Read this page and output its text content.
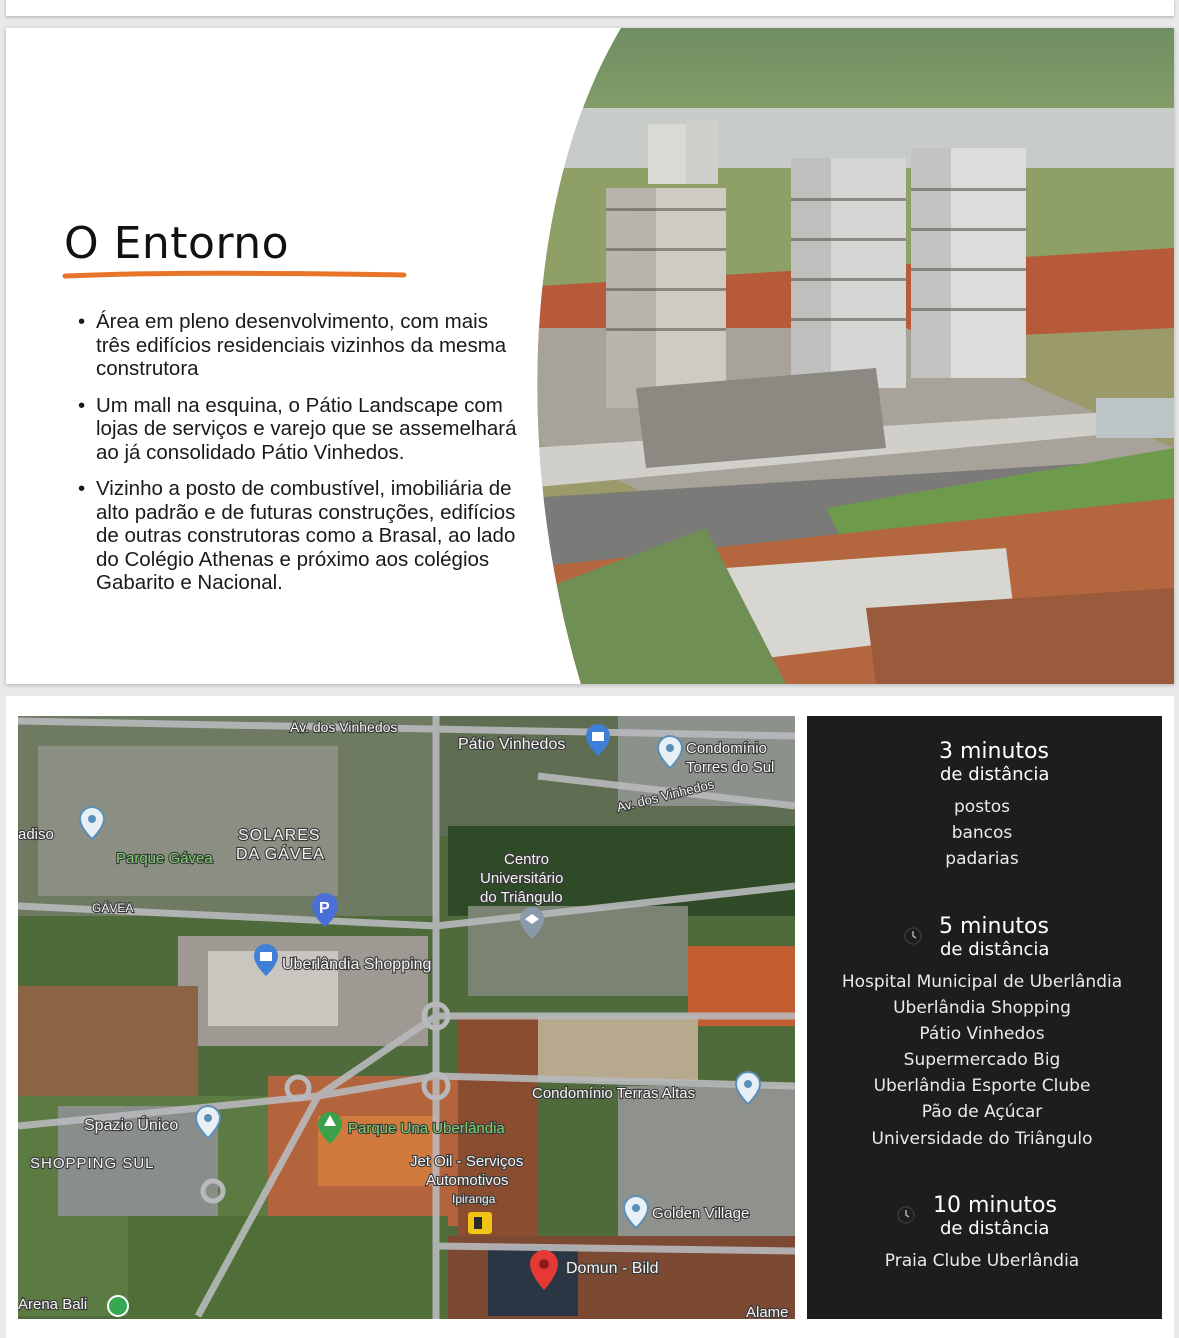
O Entorno
• Área em pleno desenvolvimento, com mais três edifícios residenciais vizinhos da mesma construtora
• Um mall na esquina, o Pátio Landscape com lojas de serviços e varejo que se assemelhará ao já consolidado Pátio Vinhedos.
• Vizinho a posto de combustível, imobiliária de alto padrão e de futuras construções, edifícios de outras construtoras como a Brasal, ao lado do Colégio Athenas e próximo aos colégios Gabarito e Nacional.
Av. dos Vinhedos
Pátio Vinhedos	Condomínio
Torres do Sul
Av. dos Vinhedos
adiso	SOLARES
DA GÁVEA
Parque Gávea	Centro
Universitário
do Triângulo
GÁVEA
Uberlândia Shopping
Condomínio Terras Altas
Spazio Único	Parque Una Uberlândia
SHOPPING SUL	Jet Oil - Serviços
Automotivos
Ipiranga
Golden Village
Domun - Bild
Arena Bali	Alame
P
3 minutos
de distância
postos
bancos
padarias
5 minutos
de distância
Hospital Municipal de Uberlândia
Uberlândia Shopping
Pátio Vinhedos
Supermercado Big
Uberlândia Esporte Clube
Pão de Açúcar
Universidade do Triângulo
10 minutos
de distância
Praia Clube Uberlândia
